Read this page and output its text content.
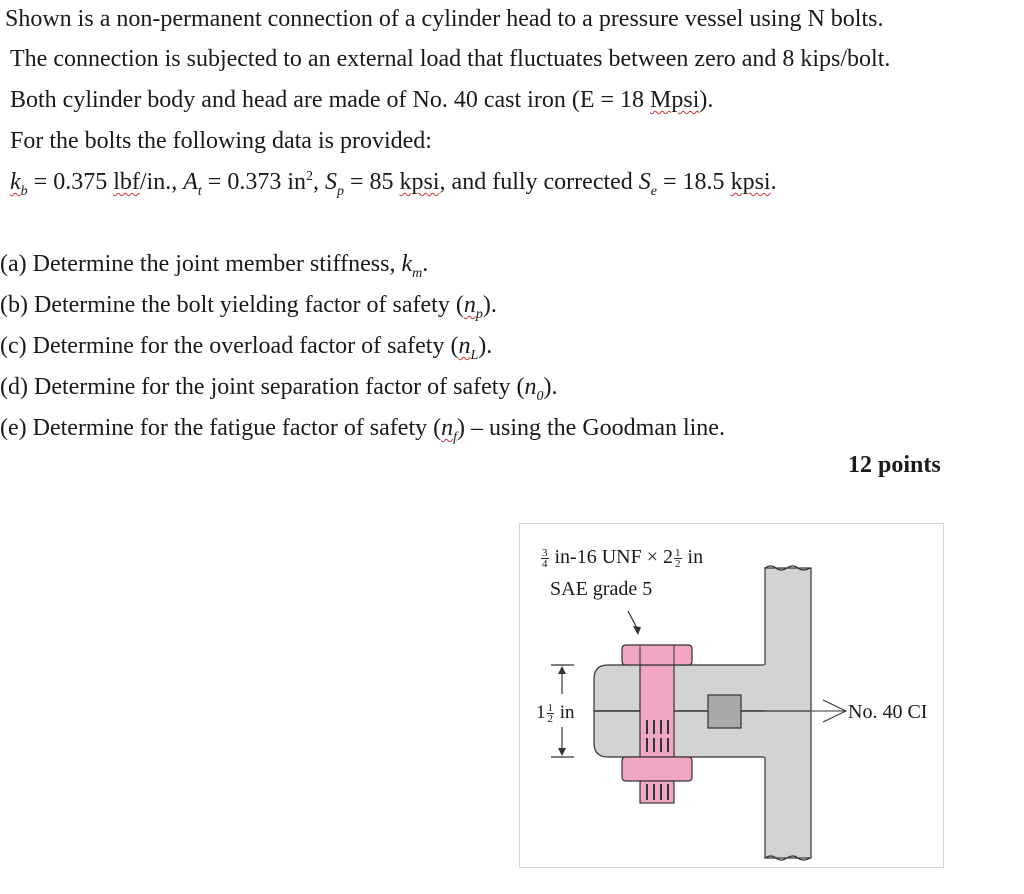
Shown is a non-permanent connection of a cylinder head to a pressure vessel using N bolts.
The connection is subjected to an external load that fluctuates between zero and 8 kips/bolt.
Both cylinder body and head are made of No. 40 cast iron (E = 18 Mpsi).
For the bolts the following data is provided:
$k_b = 0.375$ lbf/in., $A_t = 0.373$ $in^2$, $S_p = 85$ kpsi, and fully corrected $S_e = 18.5$ kpsi.
(a) Determine the joint member stiffness, $k_m$.
(b) Determine the bolt yielding factor of safety $(n_p)$.
(c) Determine for the overload factor of safety $(n_L)$.
(d) Determine for the joint separation factor of safety $(n_0)$.
(e) Determine for the fatigue factor of safety $(n_f)$ – using the Goodman line.
12 points
$\frac{3}{4} in-16$ UNF × $2 \frac{1}{2}$ in
SAE grade 5
$1 \frac{1}{2}$ in	No. 40 CI
